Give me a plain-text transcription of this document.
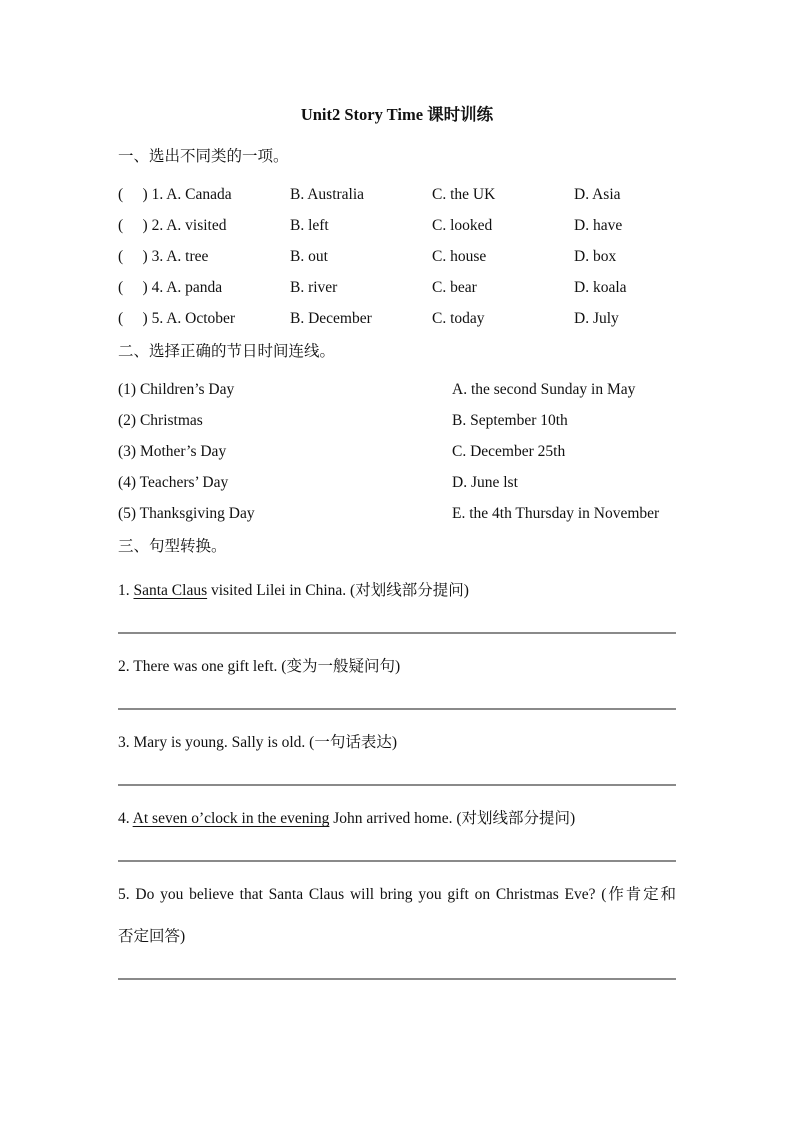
Unit2 Story Time 课时训练
一、选出不同类的一项。
(     ) 1. A. Canada	B. Australia	C. the UK	D. Asia
(     ) 2. A. visited	B. left	C. looked	D. have
(     ) 3. A. tree	B. out	C. house	D. box
(     ) 4. A. panda	B. river	C. bear	D. koala
(     ) 5. A. October	B. December	C. today	D. July
二、选择正确的节日时间连线。
(1) Children’s Day	A. the second Sunday in May
(2) Christmas	B. September 10th
(3) Mother’s Day	C. December 25th
(4) Teachers’ Day	D. June lst
(5) Thanksgiving Day	E. the 4th Thursday in November
三、句型转换。
1. Santa Claus visited Lilei in China. (对划线部分提问)
2. There was one gift left. (变为一般疑问句)
3. Mary is young. Sally is old. (一句话表达)
4. At seven o’clock in the evening John arrived home. (对划线部分提问)
5. Do you believe that Santa Claus will bring you gift on Christmas Eve? (作肯定和
否定回答)
